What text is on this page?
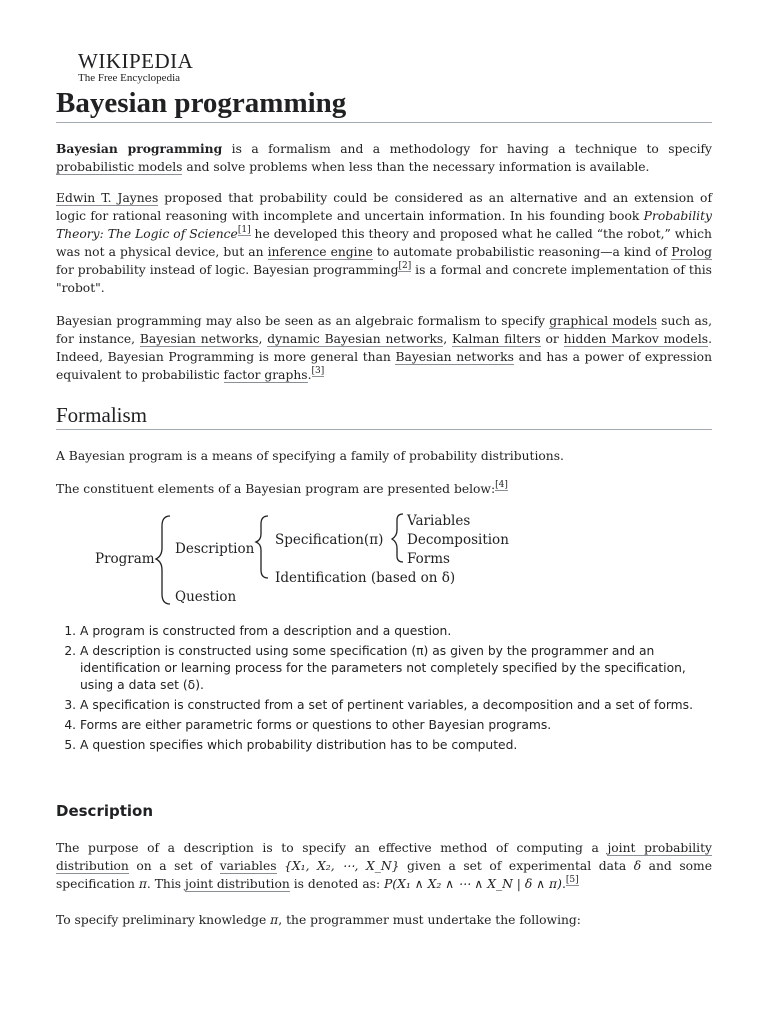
WIKIPEDIA
The Free Encyclopedia
Bayesian programming

Bayesian programming is a formalism and a methodology for having a technique to specify probabilistic models and solve problems when less than the necessary information is available.

Edwin T. Jaynes proposed that probability could be considered as an alternative and an extension of logic for rational reasoning with incomplete and uncertain information. In his founding book Probability Theory: The Logic of Science[1] he developed this theory and proposed what he called “the robot,” which was not a physical device, but an inference engine to automate probabilistic reasoning—a kind of Prolog for probability instead of logic. Bayesian programming[2] is a formal and concrete implementation of this "robot".

Bayesian programming may also be seen as an algebraic formalism to specify graphical models such as, for instance, Bayesian networks, dynamic Bayesian networks, Kalman filters or hidden Markov models. Indeed, Bayesian Programming is more general than Bayesian networks and has a power of expression equivalent to probabilistic factor graphs.[3]

Formalism

A Bayesian program is a means of specifying a family of probability distributions.

The constituent elements of a Bayesian program are presented below:[4]

Program
Description
Question
Specification(π)
Identification (based on δ)
Variables
Decomposition
Forms
1. A program is constructed from a description and a question.
2. A description is constructed using some specification (π) as given by the programmer and an identification or learning process for the parameters not completely specified by the specification, using a data set (δ).
3. A specification is constructed from a set of pertinent variables, a decomposition and a set of forms.
4. Forms are either parametric forms or questions to other Bayesian programs.
5. A question specifies which probability distribution has to be computed.
Description

The purpose of a description is to specify an effective method of computing a joint probability distribution on a set of variables {X₁, X₂, ⋯, X_N} given a set of experimental data δ and some specification π. This joint distribution is denoted as: P(X₁ ∧ X₂ ∧ ⋯ ∧ X_N | δ ∧ π).[5]

To specify preliminary knowledge π, the programmer must undertake the following:
